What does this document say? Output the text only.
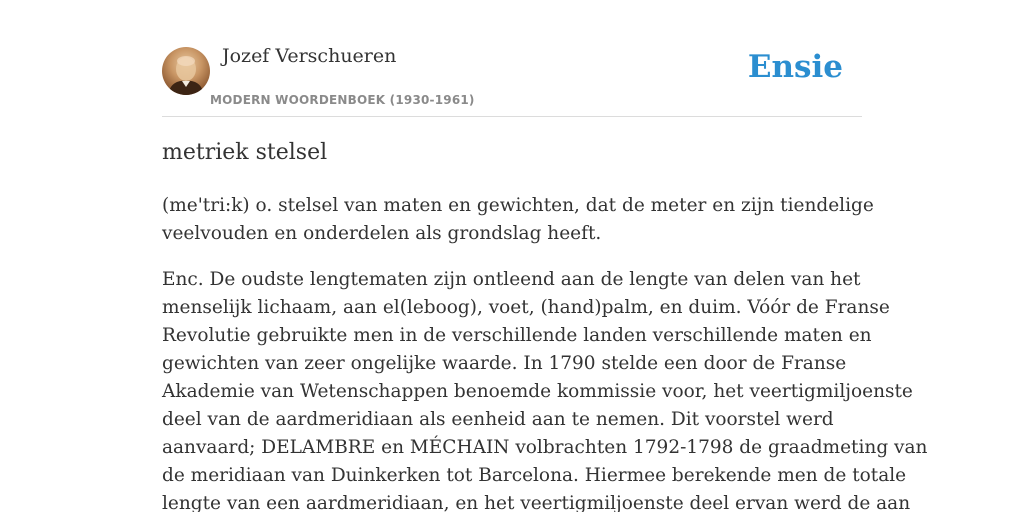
Jozef Verschueren
MODERN WOORDENBOEK (1930-1961)
Ensie
metriek stelsel

(me'tri:k) o. stelsel van maten en gewichten, dat de meter en zijn tiendelige
veelvouden en onderdelen als grondslag heeft.

Enc. De oudste lengtematen zijn ontleend aan de lengte van delen van het
menselijk lichaam, aan el(leboog), voet, (hand)palm, en duim. Vóór de Franse
Revolutie gebruikte men in de verschillende landen verschillende maten en
gewichten van zeer ongelijke waarde. In 1790 stelde een door de Franse
Akademie van Wetenschappen benoemde kommissie voor, het veertigmiljoenste
deel van de aardmeridiaan als eenheid aan te nemen. Dit voorstel werd
aanvaard; DELAMBRE en MÉCHAIN volbrachten 1792-1798 de graadmeting van
de meridiaan van Duinkerken tot Barcelona. Hiermee berekende men de totale
lengte van een aardmeridiaan, en het veertigmiljoenste deel ervan werd de aan
